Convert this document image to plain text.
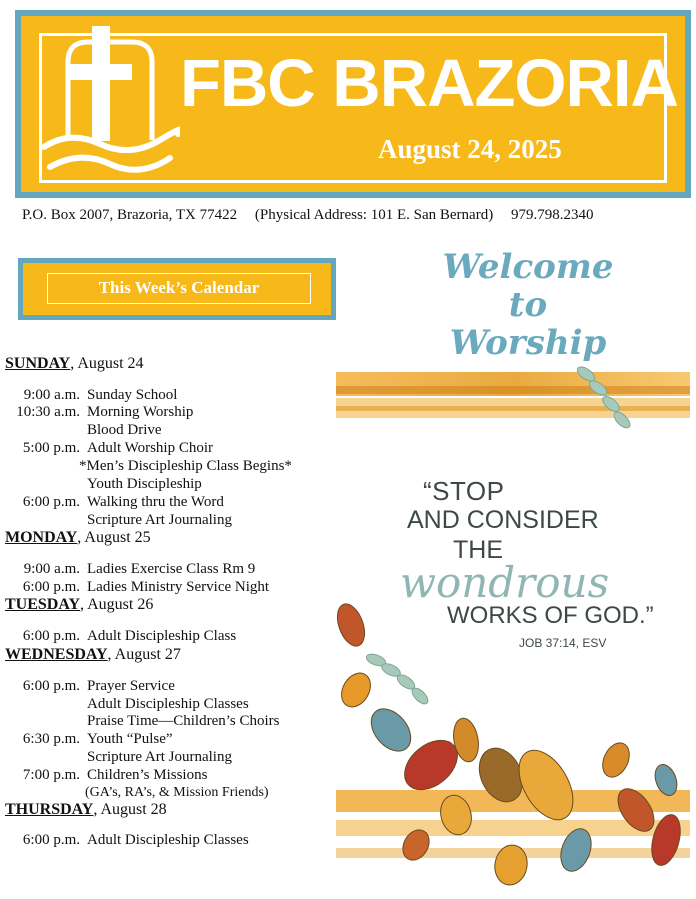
FBC BRAZORIA
August 24, 2025
P.O. Box 2007, Brazoria, TX 77422 (Physical Address: 101 E. San Bernard) 979.798.2340
This Week’s Calendar
SUNDAY, August 24
9:00 a.m. Sunday School
10:30 a.m. Morning Worship
Blood Drive
5:00 p.m. Adult Worship Choir
*Men’s Discipleship Class Begins*
Youth Discipleship
6:00 p.m. Walking thru the Word
Scripture Art Journaling
MONDAY, August 25
9:00 a.m. Ladies Exercise Class Rm 9
6:00 p.m. Ladies Ministry Service Night
TUESDAY, August 26
6:00 p.m. Adult Discipleship Class
WEDNESDAY, August 27
6:00 p.m. Prayer Service
Adult Discipleship Classes
Praise Time—Children’s Choirs
6:30 p.m. Youth “Pulse”
Scripture Art Journaling
7:00 p.m. Children’s Missions
(GA’s, RA’s, & Mission Friends)
THURSDAY, August 28
6:00 p.m. Adult Discipleship Classes
Welcome to
Worship
“STOP
AND CONSIDER
THE
wondrous
WORKS OF GOD.”
JOB 37:14, ESV
